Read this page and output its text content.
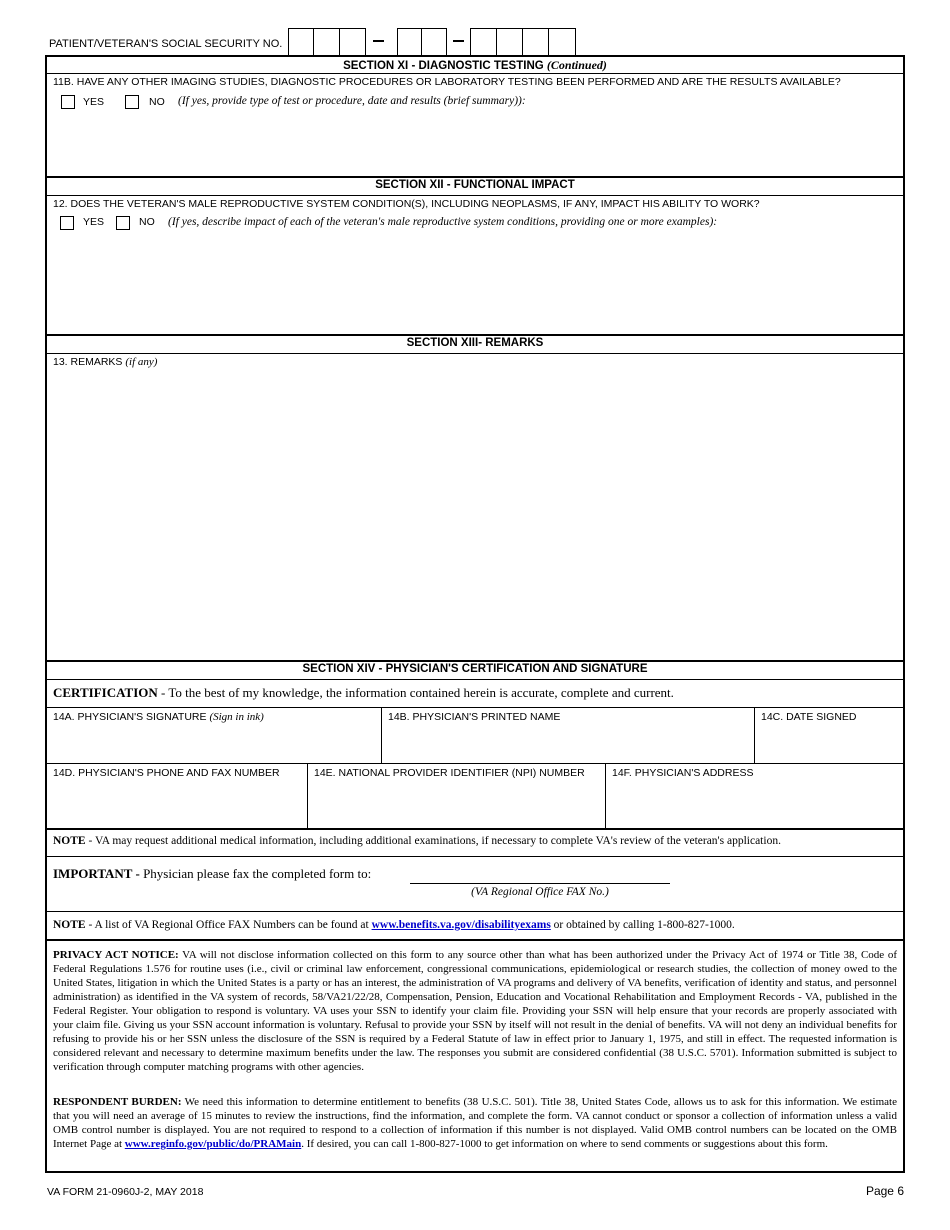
PATIENT/VETERAN'S SOCIAL SECURITY NO.
SECTION XI - DIAGNOSTIC TESTING (Continued)
11B. HAVE ANY OTHER IMAGING STUDIES, DIAGNOSTIC PROCEDURES OR LABORATORY TESTING BEEN PERFORMED AND ARE THE RESULTS AVAILABLE?
YES	NO (If yes, provide type of test or procedure, date and results (brief summary)):
SECTION XII - FUNCTIONAL IMPACT
12. DOES THE VETERAN'S MALE REPRODUCTIVE SYSTEM CONDITION(S), INCLUDING NEOPLASMS, IF ANY, IMPACT HIS ABILITY TO WORK?
YES	NO (If yes, describe impact of each of the veteran's male reproductive system conditions, providing one or more examples):
SECTION XIII- REMARKS
13. REMARKS (if any)
SECTION XIV - PHYSICIAN'S CERTIFICATION AND SIGNATURE
CERTIFICATION - To the best of my knowledge, the information contained herein is accurate, complete and current.
14A. PHYSICIAN'S SIGNATURE (Sign in ink)	14B. PHYSICIAN'S PRINTED NAME	14C. DATE SIGNED
14D. PHYSICIAN'S PHONE AND FAX NUMBER	14E. NATIONAL PROVIDER IDENTIFIER (NPI) NUMBER	14F. PHYSICIAN'S ADDRESS
NOTE - VA may request additional medical information, including additional examinations, if necessary to complete VA's review of the veteran's application.
IMPORTANT - Physician please fax the completed form to:
(VA Regional Office FAX No.)
NOTE - A list of VA Regional Office FAX Numbers can be found at www.benefits.va.gov/disabilityexams or obtained by calling 1-800-827-1000.
PRIVACY ACT NOTICE: VA will not disclose information collected on this form to any source other than what has been authorized under the Privacy Act of 1974 or Title 38, Code of Federal Regulations 1.576 for routine uses (i.e., civil or criminal law enforcement, congressional communications, epidemiological or research studies, the collection of money owed to the United States, litigation in which the United States is a party or has an interest, the administration of VA programs and delivery of VA benefits, verification of identity and status, and personnel administration) as identified in the VA system of records, 58/VA21/22/28, Compensation, Pension, Education and Vocational Rehabilitation and Employment Records - VA, published in the Federal Register. Your obligation to respond is voluntary. VA uses your SSN to identify your claim file. Providing your SSN will help ensure that your records are properly associated with your claim file. Giving us your SSN account information is voluntary. Refusal to provide your SSN by itself will not result in the denial of benefits. VA will not deny an individual benefits for refusing to provide his or her SSN unless the disclosure of the SSN is required by a Federal Statute of law in effect prior to January 1, 1975, and still in effect. The requested information is considered relevant and necessary to determine maximum benefits under the law. The responses you submit are considered confidential (38 U.S.C. 5701). Information submitted is subject to verification through computer matching programs with other agencies.
RESPONDENT BURDEN: We need this information to determine entitlement to benefits (38 U.S.C. 501). Title 38, United States Code, allows us to ask for this information. We estimate that you will need an average of 15 minutes to review the instructions, find the information, and complete the form. VA cannot conduct or sponsor a collection of information unless a valid OMB control number is displayed. You are not required to respond to a collection of information if this number is not displayed. Valid OMB control numbers can be located on the OMB Internet Page at www.reginfo.gov/public/do/PRAMain. If desired, you can call 1-800-827-1000 to get information on where to send comments or suggestions about this form.
VA FORM 21-0960J-2, MAY 2018	Page 6
